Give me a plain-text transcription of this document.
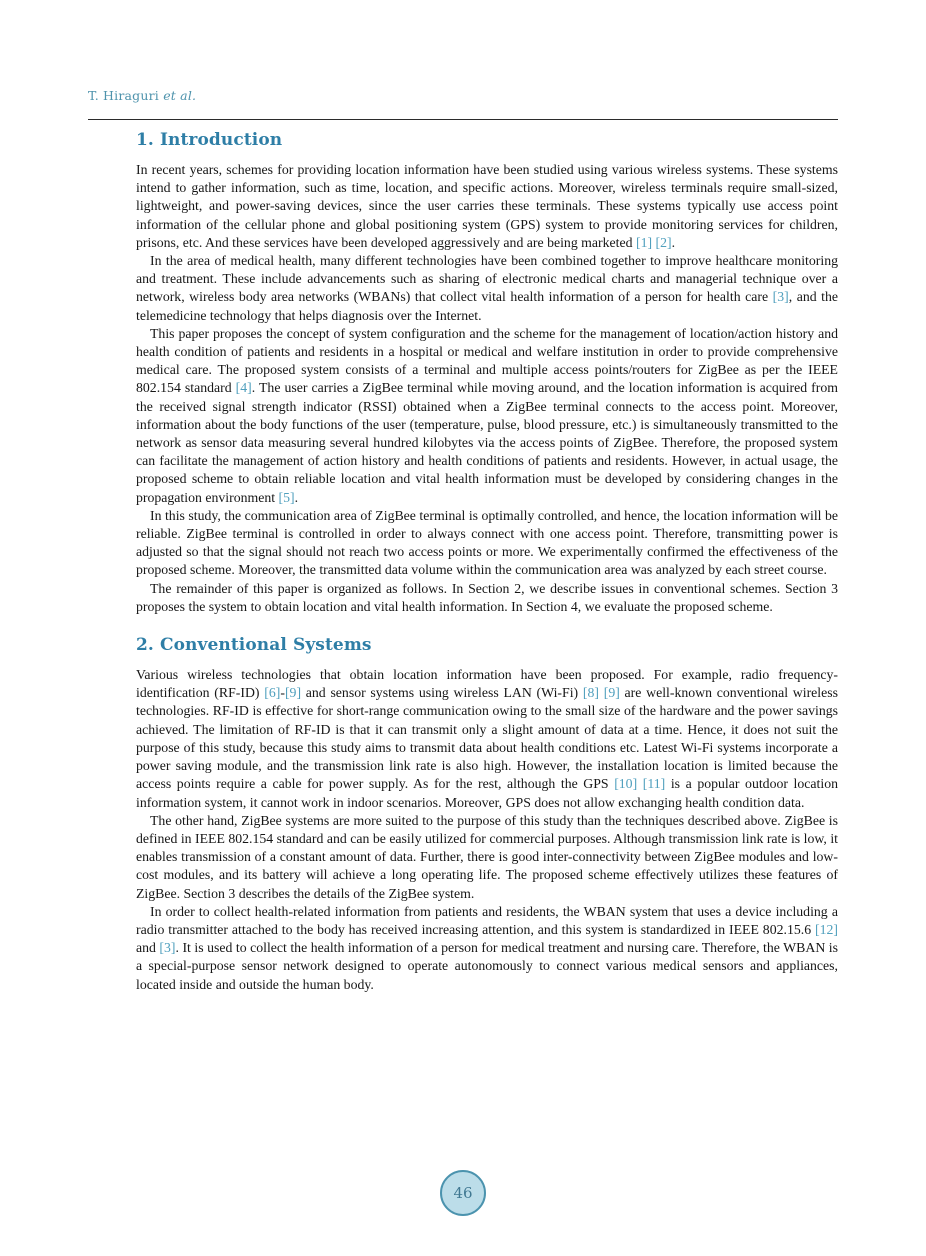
T. Hiraguri et al.
1. Introduction

In recent years, schemes for providing location information have been studied using various wireless systems. These systems intend to gather information, such as time, location, and specific actions. Moreover, wireless terminals require small-sized, lightweight, and power-saving devices, since the user carries these terminals. These systems typically use access point information of the cellular phone and global positioning system (GPS) system to provide monitoring services for children, prisons, etc. And these services have been developed aggressively and are being marketed [1] [2].

In the area of medical health, many different technologies have been combined together to improve healthcare monitoring and treatment. These include advancements such as sharing of electronic medical charts and managerial technique over a network, wireless body area networks (WBANs) that collect vital health information of a person for health care [3], and the telemedicine technology that helps diagnosis over the Internet.

This paper proposes the concept of system configuration and the scheme for the management of location/action history and health condition of patients and residents in a hospital or medical and welfare institution in order to provide comprehensive medical care. The proposed system consists of a terminal and multiple access points/routers for ZigBee as per the IEEE 802.154 standard [4]. The user carries a ZigBee terminal while moving around, and the location information is acquired from the received signal strength indicator (RSSI) obtained when a ZigBee terminal connects to the access point. Moreover, information about the body functions of the user (temperature, pulse, blood pressure, etc.) is simultaneously transmitted to the network as sensor data measuring several hundred kilobytes via the access points of ZigBee. Therefore, the proposed system can facilitate the management of action history and health conditions of patients and residents. However, in actual usage, the proposed scheme to obtain reliable location and vital health information must be developed by considering changes in the propagation environment [5].

In this study, the communication area of ZigBee terminal is optimally controlled, and hence, the location information will be reliable. ZigBee terminal is controlled in order to always connect with one access point. Therefore, transmitting power is adjusted so that the signal should not reach two access points or more. We experimentally confirmed the effectiveness of the proposed scheme. Moreover, the transmitted data volume within the communication area was analyzed by each street course.

The remainder of this paper is organized as follows. In Section 2, we describe issues in conventional schemes. Section 3 proposes the system to obtain location and vital health information. In Section 4, we evaluate the proposed scheme.

2. Conventional Systems

Various wireless technologies that obtain location information have been proposed. For example, radio frequency-identification (RF-ID) [6]-[9] and sensor systems using wireless LAN (Wi-Fi) [8] [9] are well-known conventional wireless technologies. RF-ID is effective for short-range communication owing to the small size of the hardware and the power savings achieved. The limitation of RF-ID is that it can transmit only a slight amount of data at a time. Hence, it does not suit the purpose of this study, because this study aims to transmit data about health conditions etc. Latest Wi-Fi systems incorporate a power saving module, and the transmission link rate is also high. However, the installation location is limited because the access points require a cable for power supply. As for the rest, although the GPS [10] [11] is a popular outdoor location information system, it cannot work in indoor scenarios. Moreover, GPS does not allow exchanging health condition data.

The other hand, ZigBee systems are more suited to the purpose of this study than the techniques described above. ZigBee is defined in IEEE 802.154 standard and can be easily utilized for commercial purposes. Although transmission link rate is low, it enables transmission of a constant amount of data. Further, there is good inter-connectivity between ZigBee modules and low-cost modules, and its battery will achieve a long operating life. The proposed scheme effectively utilizes these features of ZigBee. Section 3 describes the details of the ZigBee system.

In order to collect health-related information from patients and residents, the WBAN system that uses a device including a radio transmitter attached to the body has received increasing attention, and this system is standardized in IEEE 802.15.6 [12] and [3]. It is used to collect the health information of a person for medical treatment and nursing care. Therefore, the WBAN is a special-purpose sensor network designed to operate autonomously to connect various medical sensors and appliances, located inside and outside the human body.

46
